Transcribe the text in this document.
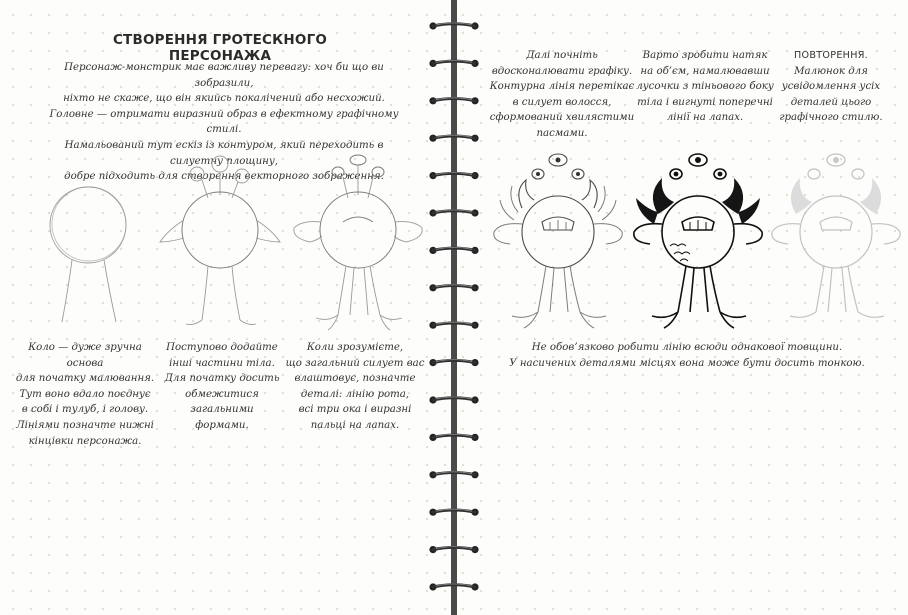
СТВОРЕННЯ ГРОТЕСКНОГО ПЕРСОНАЖА

Персонаж-монстрик має важливу перевагу: хоч би що ви зобразили,
ніхто не скаже, що він якийсь покалічений або несхожий.
Головне — отримати виразний образ в ефектному графічному стилі.
Намальований тут ескіз із контуром, який переходить в силуетну площину,
добре підходить для створення векторного зображення.

Коло — дуже зручна основа
для початку малювання.
Тут воно вдало поєднує
в собі і тулуб, і голову.
Лініями позначте нижні
кінцівки персонажа.

Поступово додайте
інші частини тіла.
Для початку досить
обмежитися
загальними
формами.

Коли зрозумієте,
що загальний силует вас
влаштовує, позначте
деталі: лінію рота,
всі три ока і виразні
пальці на лапах.

Далі почніть
вдосконалювати графіку.
Контурна лінія перетікає
в силует волосся,
сформований хвилястими
пасмами.

Варто зробити натяк
на об’єм, намалювавши
лусочки з тіньового боку
тіла і вигнуті поперечні
лінії на лапах.

ПОВТОРЕННЯ.
Малюнок для
усвідомлення усіх
деталей цього
графічного стилю.

Не обов’язково робити лінію всюди однакової товщини.
У насичених деталями місцях вона може бути досить тонкою.
